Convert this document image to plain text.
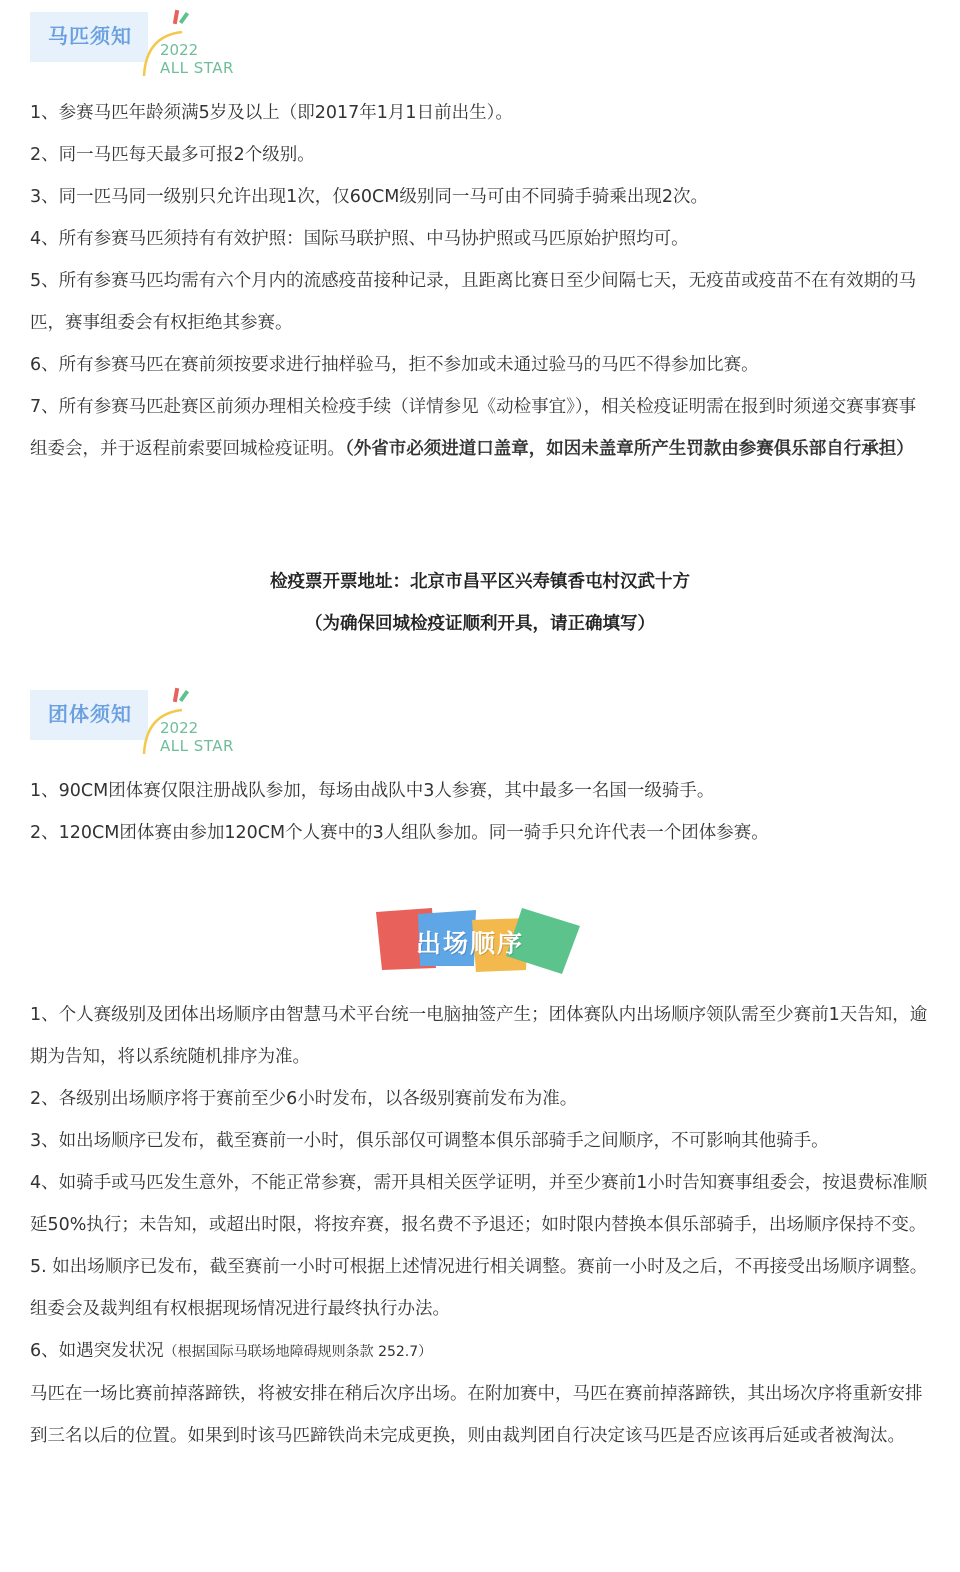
马匹须知
2022
ALL STAR

1、参赛马匹年龄须满5岁及以上（即2017年1月1日前出生）。

2、同一马匹每天最多可报2个级别。

3、同一匹马同一级别只允许出现1次，仅60CM级别同一马可由不同骑手骑乘出现2次。

4、所有参赛马匹须持有有效护照：国际马联护照、中马协护照或马匹原始护照均可。

5、所有参赛马匹均需有六个月内的流感疫苗接种记录，且距离比赛日至少间隔七天，无疫苗或疫苗不在有效期的马匹，赛事组委会有权拒绝其参赛。

6、所有参赛马匹在赛前须按要求进行抽样验马，拒不参加或未通过验马的马匹不得参加比赛。

7、所有参赛马匹赴赛区前须办理相关检疫手续（详情参见《动检事宜》），相关检疫证明需在报到时须递交赛事赛事组委会，并于返程前索要回城检疫证明。（外省市必须进道口盖章，如因未盖章所产生罚款由参赛俱乐部自行承担）

检疫票开票地址：北京市昌平区兴寿镇香屯村汉武十方
（为确保回城检疫证顺利开具，请正确填写）
团体须知
2022
ALL STAR

1、90CM团体赛仅限注册战队参加，每场由战队中3人参赛，其中最多一名国一级骑手。

2、120CM团体赛由参加120CM个人赛中的3人组队参加。同一骑手只允许代表一个团体参赛。

出场顺序

1、个人赛级别及团体出场顺序由智慧马术平台统一电脑抽签产生；团体赛队内出场顺序领队需至少赛前1天告知，逾期为告知，将以系统随机排序为准。

2、各级别出场顺序将于赛前至少6小时发布，以各级别赛前发布为准。

3、如出场顺序已发布，截至赛前一小时，俱乐部仅可调整本俱乐部骑手之间顺序，不可影响其他骑手。

4、如骑手或马匹发生意外，不能正常参赛，需开具相关医学证明，并至少赛前1小时告知赛事组委会，按退费标准顺延50%执行；未告知，或超出时限，将按弃赛，报名费不予退还；如时限内替换本俱乐部骑手，出场顺序保持不变。

5. 如出场顺序已发布，截至赛前一小时可根据上述情况进行相关调整。赛前一小时及之后，不再接受出场顺序调整。组委会及裁判组有权根据现场情况进行最终执行办法。

6、如遇突发状况（根据国际马联场地障碍规则条款 252.7）

马匹在一场比赛前掉落蹄铁，将被安排在稍后次序出场。在附加赛中，马匹在赛前掉落蹄铁，其出场次序将重新安排到三名以后的位置。如果到时该马匹蹄铁尚未完成更换，则由裁判团自行决定该马匹是否应该再后延或者被淘汰。
